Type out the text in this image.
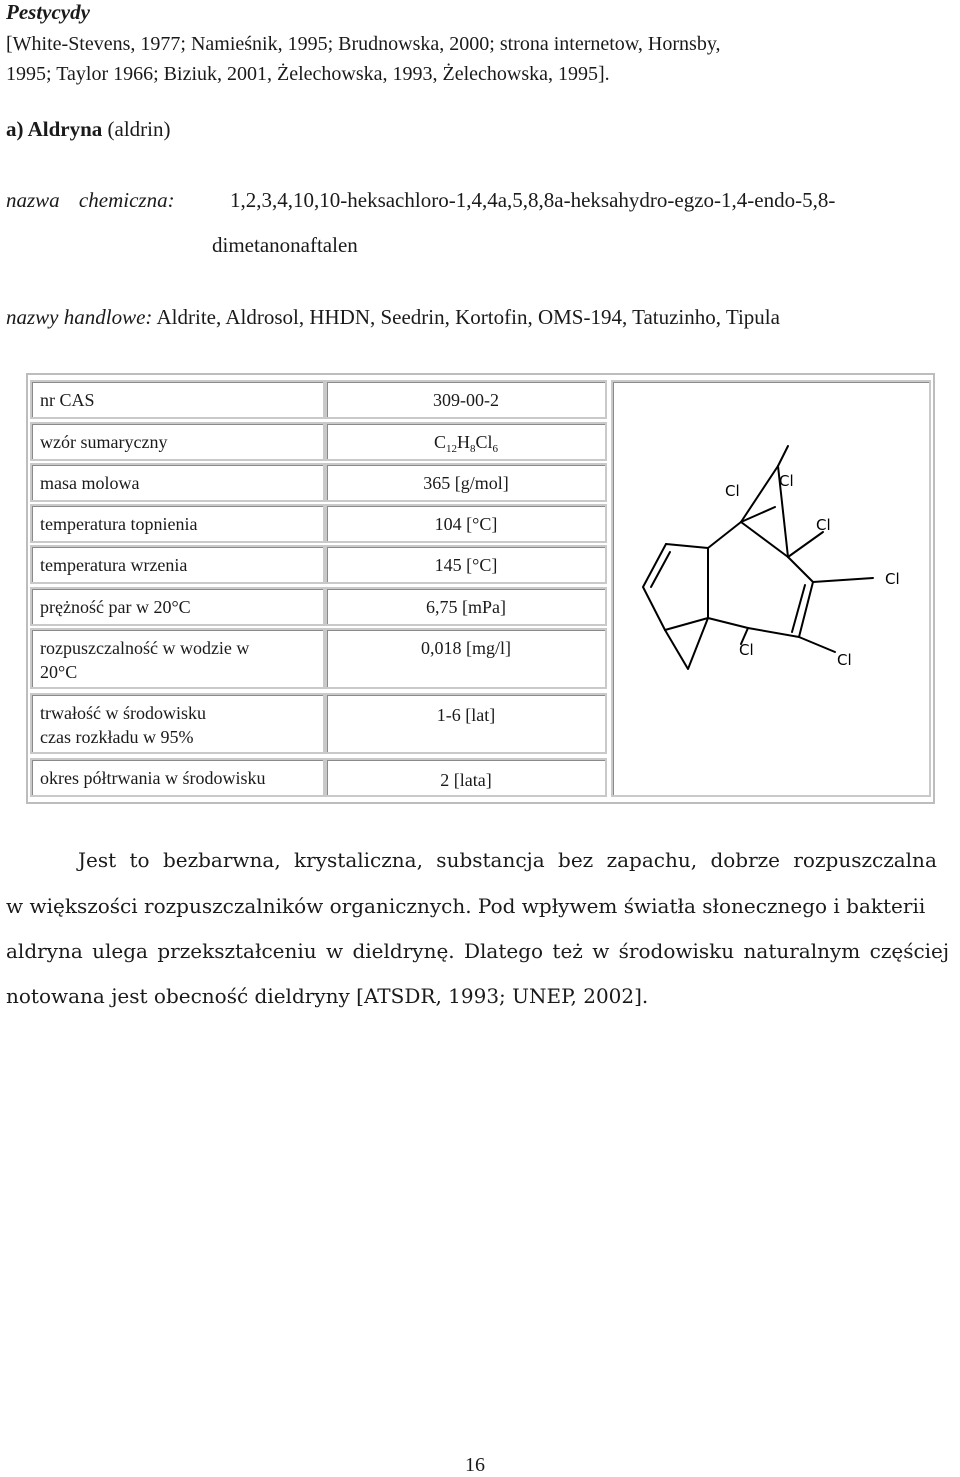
Pestycydy
[White-Stevens, 1977; Namieśnik, 1995; Brudnowska, 2000; strona internetow, Hornsby,
1995; Taylor 1966; Biziuk, 2001, Żelechowska, 1993, Żelechowska, 1995].
a) Aldryna (aldrin)
nazwa chemiczna:	1,2,3,4,10,10-heksachloro-1,4,4a,5,8,8a-heksahydro-egzo-1,4-endo-5,8-
dimetanonaftalen
nazwy handlowe: Aldrite, Aldrosol, HHDN, Seedrin, Kortofin, OMS-194, Tatuzinho, Tipula
nr CAS	309-00-2
wzór sumaryczny	$C_{12}H_8Cl_6$
masa molowa	365 [g/mol]
temperatura topnienia	104 [°C]
temperatura wrzenia	145 [°C]
prężność par w 20°C	6,75 [mPa]
rozpuszczalność w wodzie w
20°C
0,018 [mg/l]
trwałość w środowisku
czas rozkładu w 95%
1-6 [lat]
okres półtrwania w środowisku	2 [lata]
Cl
Cl
Cl
Cl
Cl
Cl
Jest to bezbarwna, krystaliczna, substancja bez zapachu, dobrze rozpuszczalna
w większości rozpuszczalników organicznych. Pod wpływem światła słonecznego i bakterii
aldryna ulega przekształceniu w dieldrynę. Dlatego też w środowisku naturalnym częściej
notowana jest obecność dieldryny [ATSDR, 1993; UNEP, 2002].
16
